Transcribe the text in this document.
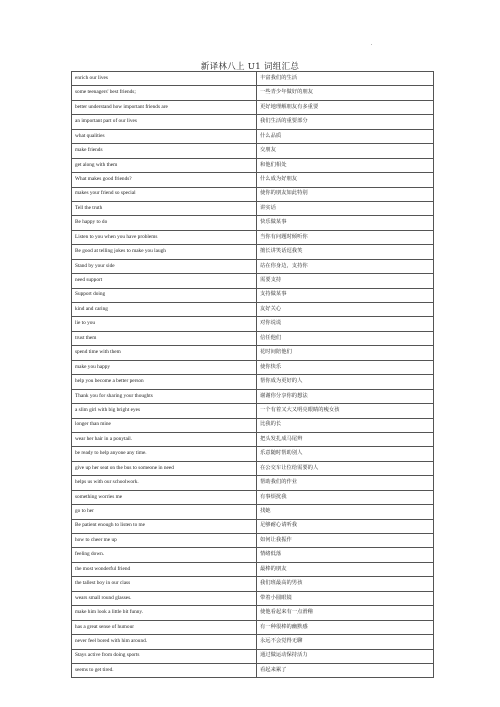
新译林八上 U1 词组汇总
enrich our lives	丰富我们的生活
some teenagers' best friends;	一些青少年做好的朋友
better understand how important friends are	更好地理解朋友有多重要
an important part of our lives	我们生活的重要部分
what qualities	什么品质
make friends	交朋友
get along with them	和他们相处
What makes good friends?	什么成为好朋友
makes your friend so special	使你的朋友如此特别
Tell the truth	讲实话
Be happy to do	快乐做某事
Listen to you when you have problems	当你有问题时倾听你
Be good at telling jokes to make you laugh	擅长讲笑话逗我笑
Stand by your side	站在你身边，支持你
need support	需要支持
Support doing	支持做某事
kind and caring	友好关心
lie to you	对你说谎
trust them	信任他们
spend time with them	花时间陪他们
make you happy	使你快乐
help you become a better person	帮你成为更好的人
Thank you for sharing your thoughts	谢谢你分享你的想法
a slim girl with big bright eyes	一个有着又大又明亮眼睛的瘦女孩
longer than mine	比我的长
wear her hair in a ponytail.	把头发扎成马尾辫
be ready to help anyone any time.	乐意随时帮助别人
give up her seat on the bus to someone in need	在公交车让位给需要的人
helps us with our schoolwork.	帮助我们的作业
something worries me	有事烦扰我
go to her	找她
Be patient enough to listen to me	足够耐心请听我
how to cheer me up	如何让我振作
feeling down.	情绪低落
the most wonderful friend	最棒的朋友
the tallest boy in our class	我们班最高的男孩
wears small round glasses.	带着小圆眼镜
make him look a little bit funny.	使他看起来有一点滑稽
has a great sense of humour	有一种很棒的幽默感
never feel bored with him around.	永远不会觉得无聊
Stays active from doing sports	通过做运动保持活力
seems to get tired.	看起来累了
